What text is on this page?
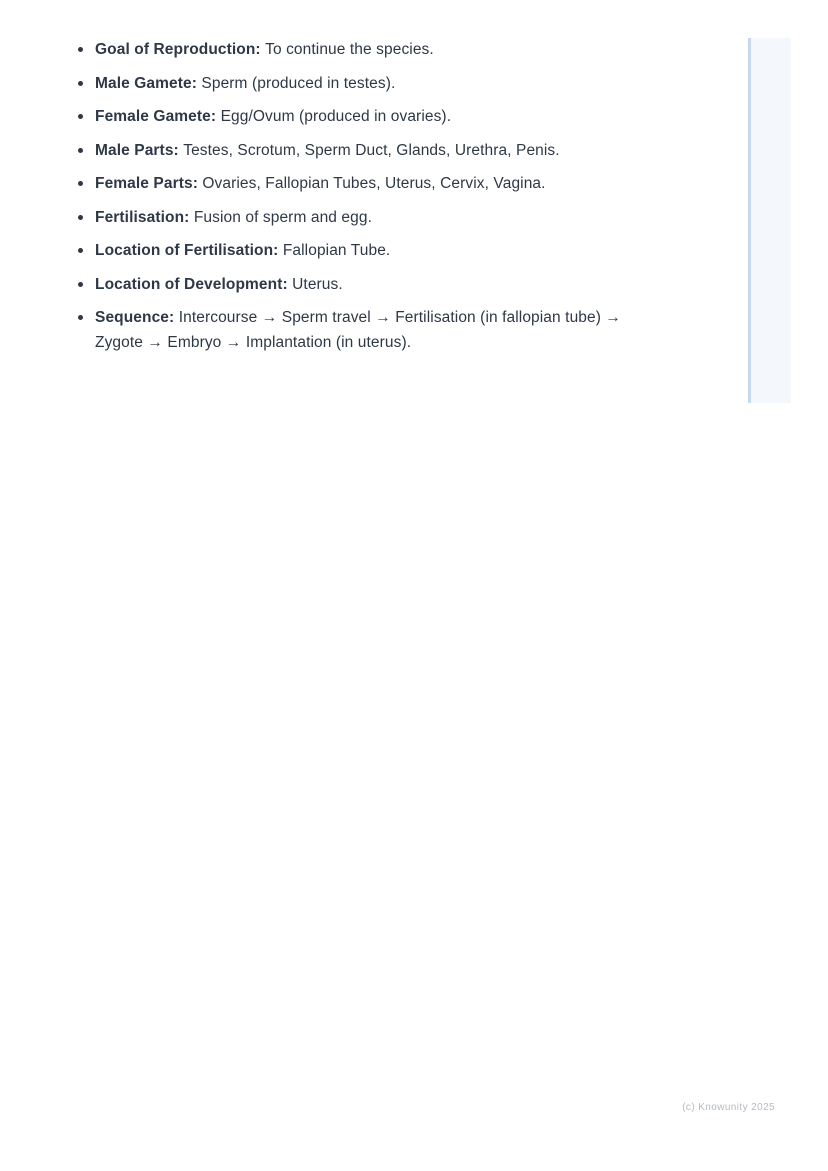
Goal of Reproduction: To continue the species.
Male Gamete: Sperm (produced in testes).
Female Gamete: Egg/Ovum (produced in ovaries).
Male Parts: Testes, Scrotum, Sperm Duct, Glands, Urethra, Penis.
Female Parts: Ovaries, Fallopian Tubes, Uterus, Cervix, Vagina.
Fertilisation: Fusion of sperm and egg.
Location of Fertilisation: Fallopian Tube.
Location of Development: Uterus.
Sequence: Intercourse → Sperm travel → Fertilisation (in fallopian tube) → Zygote → Embryo → Implantation (in uterus).
(c) Knowunity 2025
